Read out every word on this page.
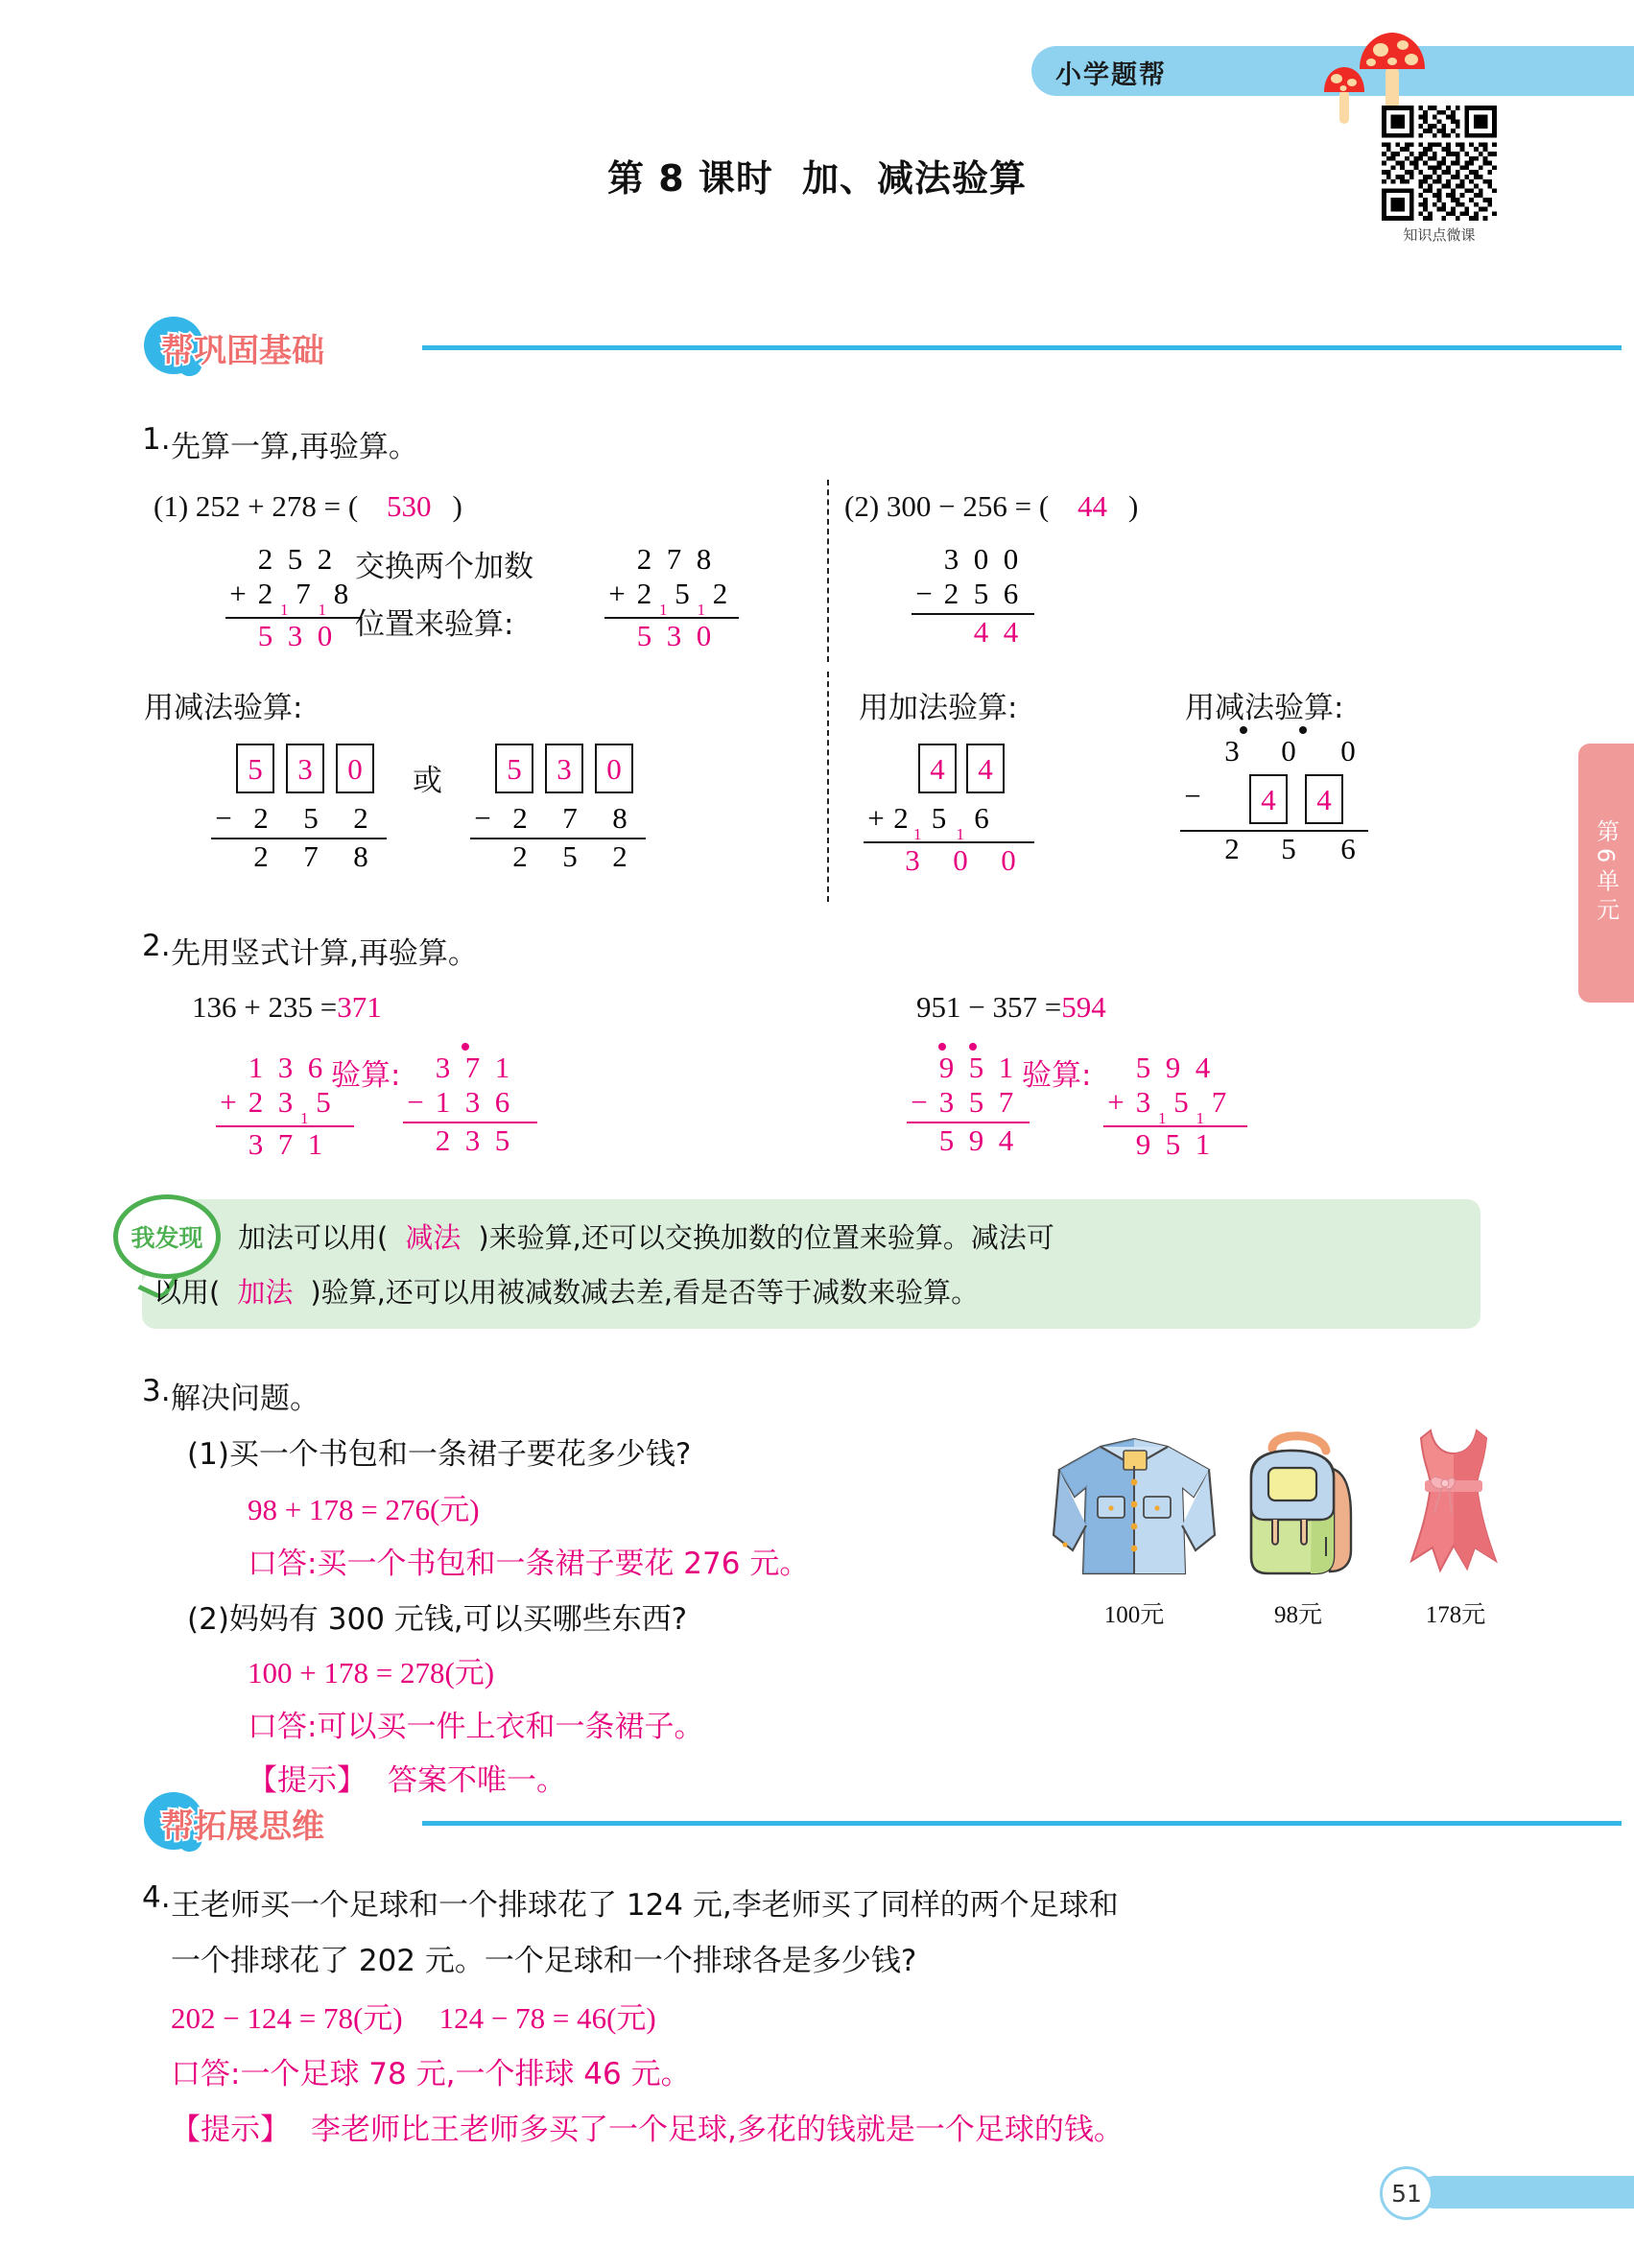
小学题帮
知识点微课
第 8 课时 加、减法验算
第6单元
帮巩固基础
1. 先算一算,再验算。
(1) 252 + 278 = ( 530 )
2 5 2
+ 2 $_1$ 7 $_1$ 8
5 3 0
交换两个加数
位置来验算:
2 7 8
+ 2 $_1$ 5 $_1$ 2
5 3 0
用减法验算:
5 3 0
− 2 5 2
2 7 8
或	5 3 0
− 2 7 8
2 5 2
(2) 300 − 256 = ( 44 )
3 0 0
− 2 5 6
4 4
用加法验算:	用减法验算:
4 4
+ 2 $_1$ 5 $_1$ 6
3 0 0
3 0 0
− 4 4
2 5 6
2. 先用竖式计算,再验算。
136 + 235 =371	951 − 357 =594
1 3 6
+ 2 3 $_1$ 5
3 7 1
验算:	3 7 1
− 1 3 6
2 3 5
9 5 1
− 3 5 7
5 9 4
验算:	5 9 4
+ 3 $_1$ 5 $_1$ 7
9 5 1
我发现 加法可以用( 减法 )来验算,还可以交换加数的位置来验算。减法可
以用( 加法 )验算,还可以用被减数减去差,看是否等于减数来验算。
3. 解决问题。
(1)买一个书包和一条裙子要花多少钱?
98 + 178 = 276(元)
口答:买一个书包和一条裙子要花 276 元。
(2)妈妈有 300 元钱,可以买哪些东西?
100 + 178 = 278(元)
口答:可以买一件上衣和一条裙子。
【提示】 答案不唯一。
100元	98元	178元
帮拓展思维
4. 王老师买一个足球和一个排球花了 124 元,李老师买了同样的两个足球和
一个排球花了 202 元。一个足球和一个排球各是多少钱?
202 − 124 = 78(元) 124 − 78 = 46(元)
口答:一个足球 78 元,一个排球 46 元。
【提示】 李老师比王老师多买了一个足球,多花的钱就是一个足球的钱。
51
